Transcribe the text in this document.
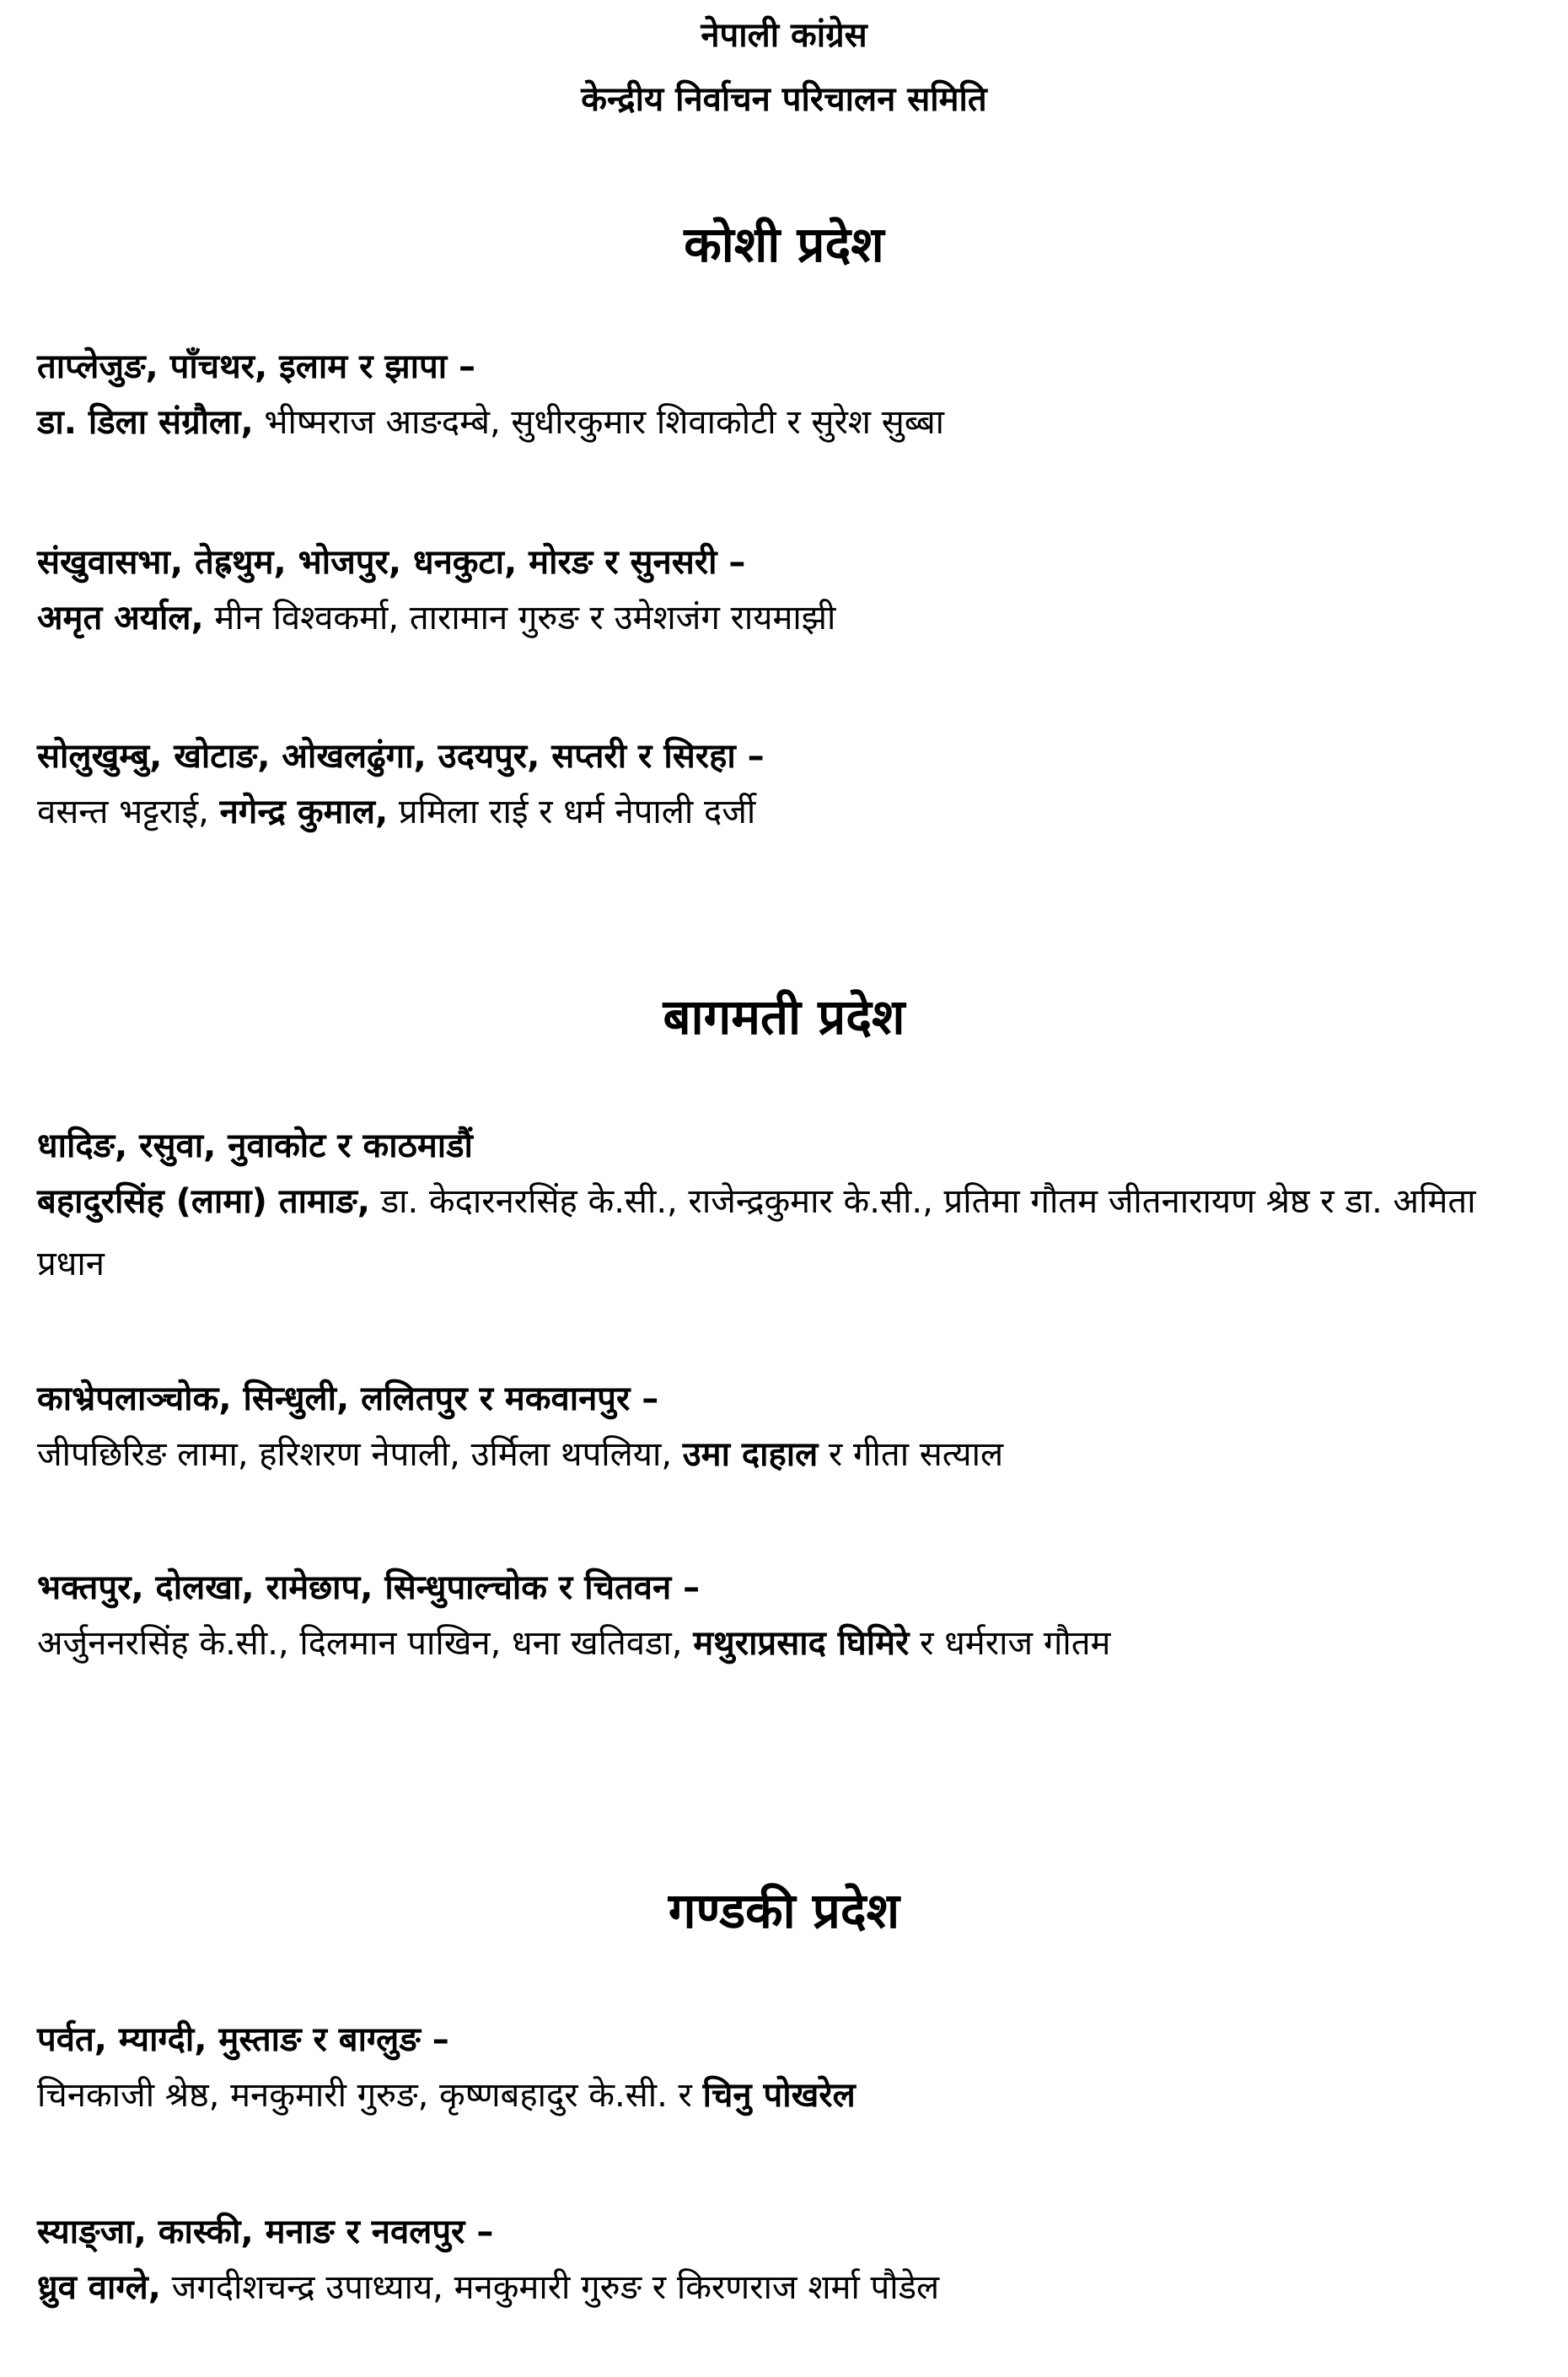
नेपाली कांग्रेस
केन्द्रीय निर्वाचन परिचालन समिति
कोशी प्रदेश
ताप्लेजुङ, पाँचथर, इलाम र झापा –
डा. डिला संग्रौला, भीष्मराज आङदम्बे, सुधीरकुमार शिवाकोटी र सुरेश सुब्बा
संखुवासभा, तेह्रथुम, भोजपुर, धनकुटा, मोरङ र सुनसरी –
अमृत अर्याल, मीन विश्वकर्मा, तारामान गुरुङ र उमेशजंग रायमाझी
सोलुखुम्बु, खोटाङ, ओखलढुंगा, उदयपुर, सप्तरी र सिरहा –
वसन्त भट्टराई, नगेन्द्र कुमाल, प्रमिला राई र धर्म नेपाली दर्जी
बागमती प्रदेश
धादिङ, रसुवा, नुवाकोट र काठमाडौं
बहादुरसिंह (लामा) तामाङ, डा. केदारनरसिंह के.सी., राजेन्द्रकुमार के.सी., प्रतिमा गौतम जीतनारायण श्रेष्ठ र डा. अमिता प्रधान
काभ्रेपलाञ्चोक, सिन्धुली, ललितपुर र मकवानपुर –
जीपछिरिङ लामा, हरिशरण नेपाली, उर्मिला थपलिया, उमा दाहाल र गीता सत्याल
भक्तपुर, दोलखा, रामेछाप, सिन्धुपाल्चोक र चितवन –
अर्जुननरसिंह के.सी., दिलमान पाखिन, धना खतिवडा, मथुराप्रसाद घिमिरे र धर्मराज गौतम
गण्डकी प्रदेश
पर्वत, म्याग्दी, मुस्ताङ र बाग्लुङ –
चिनकाजी श्रेष्ठ, मनकुमारी गुरुङ, कृष्णबहादुर के.सी. र चिनु पोखरेल
स्याङ्जा, कास्की, मनाङ र नवलपुर –
ध्रुव वाग्ले, जगदीशचन्द्र उपाध्याय, मनकुमारी गुरुङ र किरणराज शर्मा पौडेल
